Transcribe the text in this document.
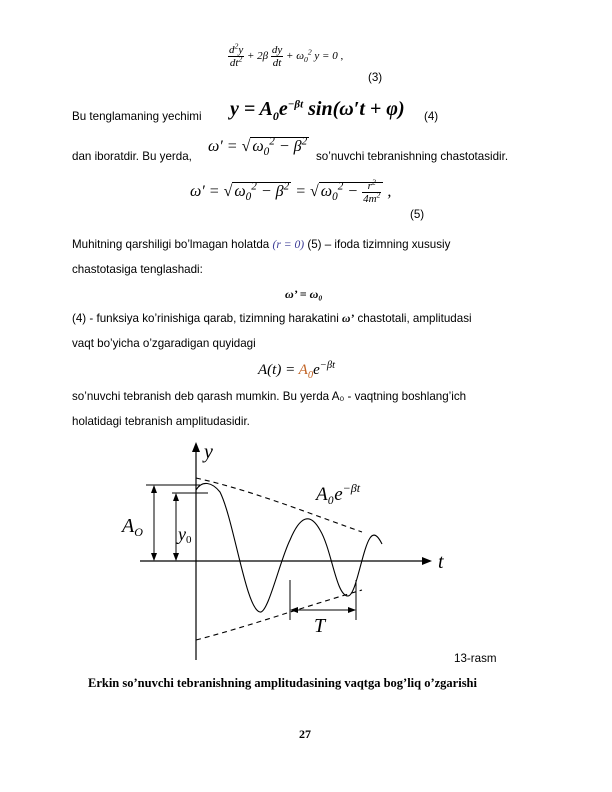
$\frac{d^2y}{dt^2} + 2\beta \frac{dy}{dt} + \omega_0^2$ y = 0 ,
(3)
Bu tenglamaning yechimi $y = A_0e^{-\beta t}$ sin(ω′t + φ) (4)
dan iboratdir. Bu yerda,
ω′ = √ $\omega_0^2 - \beta^2$
so’nuvchi tebranishning chastotasidir.
ω′ = √ $\omega_0^2 - \beta^2$ = √ $\omega_0^2 - \frac{r^2}{4m^2}$ ,
(5)
Muhitning qarshiligi bo’lmagan holatda (r = 0) (5) – ifoda tizimning xususiy
chastotasiga tenglashadi:
ω’ = ω₀
(4) - funksiya ko’rinishiga qarab, tizimning harakatini ω’ chastotali, amplitudasi
vaqt bo’yicha o’zgaradigan quyidagi
$A(t) = A_0e^{-\beta t}$
so’nuvchi tebranish deb qarash mumkin. Bu yerda A₀ - vaqtning boshlang’ich
holatidagi tebranish amplitudasidir.
y
t
$A_O$ y0
$A_0e^{-\beta t}$
T
13-rasm
Erkin so’nuvchi tebranishning amplitudasining vaqtga bog’liq o’zgarishi
27
